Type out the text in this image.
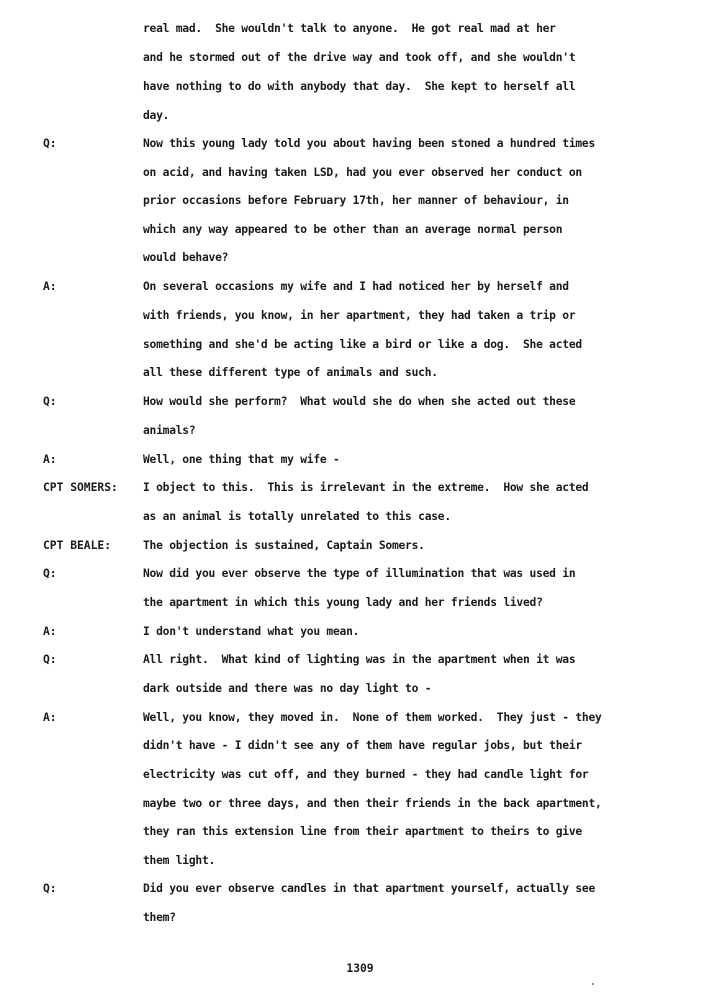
real mad.  She wouldn't talk to anyone.  He got real mad at her
and he stormed out of the drive way and took off, and she wouldn't
have nothing to do with anybody that day.  She kept to herself all
day.
Q:	Now this young lady told you about having been stoned a hundred times
on acid, and having taken LSD, had you ever observed her conduct on
prior occasions before February 17th, her manner of behaviour, in
which any way appeared to be other than an average normal person
would behave?
A:	On several occasions my wife and I had noticed her by herself and
with friends, you know, in her apartment, they had taken a trip or
something and she'd be acting like a bird or like a dog.  She acted
all these different type of animals and such.
Q:	How would she perform?  What would she do when she acted out these
animals?
A:	Well, one thing that my wife -
CPT SOMERS: I object to this.  This is irrelevant in the extreme.  How she acted
as an animal is totally unrelated to this case.
CPT BEALE:	The objection is sustained, Captain Somers.
Q:	Now did you ever observe the type of illumination that was used in
the apartment in which this young lady and her friends lived?
A:	I don't understand what you mean.
Q:	All right.  What kind of lighting was in the apartment when it was
dark outside and there was no day light to -
A:	Well, you know, they moved in.  None of them worked.  They just - they
didn't have - I didn't see any of them have regular jobs, but their
electricity was cut off, and they burned - they had candle light for
maybe two or three days, and then their friends in the back apartment,
they ran this extension line from their apartment to theirs to give
them light.
Q:	Did you ever observe candles in that apartment yourself, actually see
them?
1309
